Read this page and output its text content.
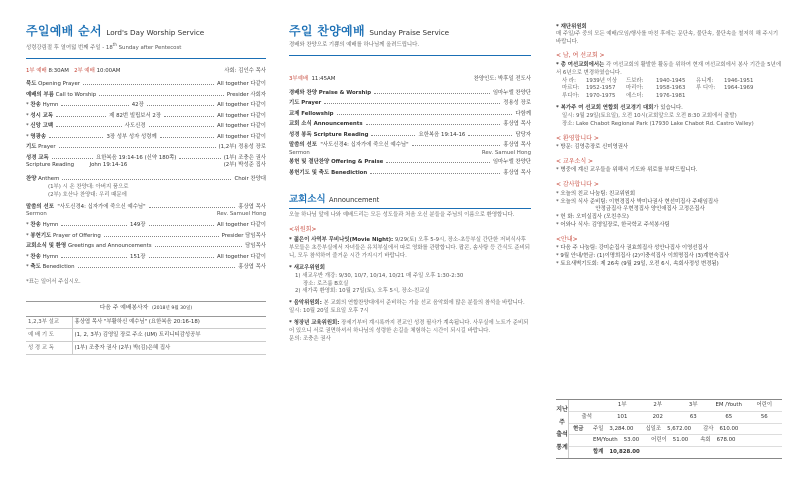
주일예배 순서 Lord's Day Worship Service
성령강림절 후 열여덟 번째 주일 - 18th Sunday after Pentecost
1부 예배 8:30AM 2부 예배 10:00AM	사회: 김인수 목사
묵도 Opening Prayer	All together 다같이
예배의 부름 Call to Worship	Presider 사회자
* 찬송 Hymn	42장	All together 다같이
* 성시 교독	제 82번 빌립보서 2장	All together 다같이
* 신앙 고백	사도신경	All together 다같이
* 영광송	3장 성부 성자 성령께	All together 다같이
기도 Prayer	(1,2부) 정용성 장로
성경 교독	요한복음 19:14-16 (신약 180쪽)	(1부) 조충은 권사
Scripture Reading	John 19:14-16	(2부) 박성준 집사
찬양 Anthem	Choir 찬양대
(1부) 시 온 찬양대: 아버지 품으로
(2부) 호산나 찬양대: 우리 때문에
말씀의 선포 "사도신경4: 십자가에 죽으신 예수님"	홍상엽 목사
Sermon	Rev. Samuel Hong
* 찬송 Hymn	149장	All together 다같이
* 봉헌기도 Prayer of Offering	Presider 담임목사
교회소식 및 환영 Greetings and Announcements	담임목사
* 찬송 Hymn	151장	All together 다같이
* 축도 Benediction	홍상엽 목사
*표는 일어서 주십시오.
다음 주 예배봉사자 (2018년 9월 30일)
1,2,3부 설교	홍상엽 목사 "부활하신 예수님" (요한복음 20:16-18)
예 배 기 도	(1, 2, 3부) 김영일 장로 주소 (UM) 트리니티감성공부
성 경 교 독	(1부) 조충자 권사 (2부) 박(김)은혜 집사
주일 찬양예배 Sunday Praise Service
경배와 찬양으로 기쁨의 예배를 하나님께 올려드립니다.
3부예배 11:45AM	찬양인도: 박후일 전도사
경배와 찬양 Praise & Worship	임마누엘 찬양단
기도 Prayer	정용성 장로
교제 Fellowship	다함께
교회 소식 Announcements	홍상엽 목사
성경 봉독 Scripture Reading	요한복음 19:14-16	담당자
말씀의 선포 "사도신경4: 십자가에 죽으신 예수님"	홍상엽 목사
Sermon	Rev. Samuel Hong
봉헌 및 결단찬양 Offering & Praise	임마누엘 찬양단
봉헌기도 및 축도 Benediction	홍상엽 목사
교회소식 Announcement
오늘 하나님 앞에 나와 예배드리는 모든 성도들과 처음 오신 분들을 주님의 이름으로 환영합니다.
<위원회>
* 젊은이 사역부 무비나잇(Movie Night): 9/29(토) 오후 5-9시, 장소-초등부실 간단한 저녁식사후 부모들은 초등부실에서 자녀들은 유치부실에서 따로 영화를 관람합니다. 팝콘, 솜사탕 등 간식도 준비되니, 모두 참석하여 즐거운 시간 가지시기 바랍니다.
* 새교우위원회
1) 새교우반 개강: 9/30, 10/7, 10/14, 10/21 매 주일 오후 1:30-2:30
장소: 로즈룸 B호실
2) 새가족 환영회: 10월 27일(토), 오후 5시, 장소-친교실
* 음악위원회: 본 교회의 연합찬양대에서 준비하는 가을 선교 음악회에 많은 분들의 참석을 바랍니다.
일시: 10월 20일 토요일 오후 7시
* 청장년 교육위원회: 장세기부터 계시록까지 전교인 성경 필사가 계속됩니다. 사무실에 노트가 준비되어 있으니 서로 권면하셔서 하나님의 성령한 손길을 체험하는 시간이 되시길 바랍니다.
문의: 조충은 권사
* 재단위원회
매 주일/주 중의 모든 예배/모임/행사를 마친 후에는 문단속, 불단속, 물단속을 철저히 해 주시기 바랍니다.
< 남, 여 선교회 >
* 총 여선교회에서는 각 여선교회의 활발한 활동을 위하여 현재 여선교회에서 봉사 기간을 5년에서 6년으로 변경하였습니다.
사 라:	1939년 이상	드보라:	1940-1945	유니게:	1946-1951
마르다:	1952-1957	마리아:	1958-1963	루 디아:	1964-1969
루디아:	1970-1975	에스더:	1976-1981
* 복가주 여 선교회 연합회 선교경기 대회가 있습니다.
일시: 9월 29일(토요일), 오전 10시(교회앞으로 오전 8:30 교회에서 출발)
장소: Lake Chabot Regional Park (17930 Lake Chabot Rd. Castro Valley)
< 환영합니다 >
* 방문: 김영총장로 신미영권사
< 교우소식 >
* 병중에 계신 교우들을 위해서 기도와 위로를 부탁드립니다.
< 감사합니다 >
* 오늘의 친교 나눔팀: 친교위원회
* 오늘의 식사 준비팀: 이현경집사 박미나권사 현선미집사 주태임집사
안정금집사 우현정집사 양인애집사 고정은집사
* 헌 화: 오미실집사 (모친추모)
* 어와나 식사: 김영일장로, 한국학교 주석봉사팀
<안내>
* 다음 주 나눔팀: 강미순집사 권효희집사 성안나집사 이영선집사
* 9월 안내/현금: (1)이명희집사 (2)이충석집사 이희명집사 (3)계현숙집사
* 토요새벽기도회: 제 26속 (9월 29일, 오전 6시, 속회사정성 변경됨)
지난
주
출석
통계
1부	2부	3부	EM /Youth	어린이
출석	101	202	63	65	56
현금	주일 3,284.00 십일조 5,672.00 감사 610.00
EM/Youth 53.00 어린이 51.00 속회 678.00
합계 10,828.00
